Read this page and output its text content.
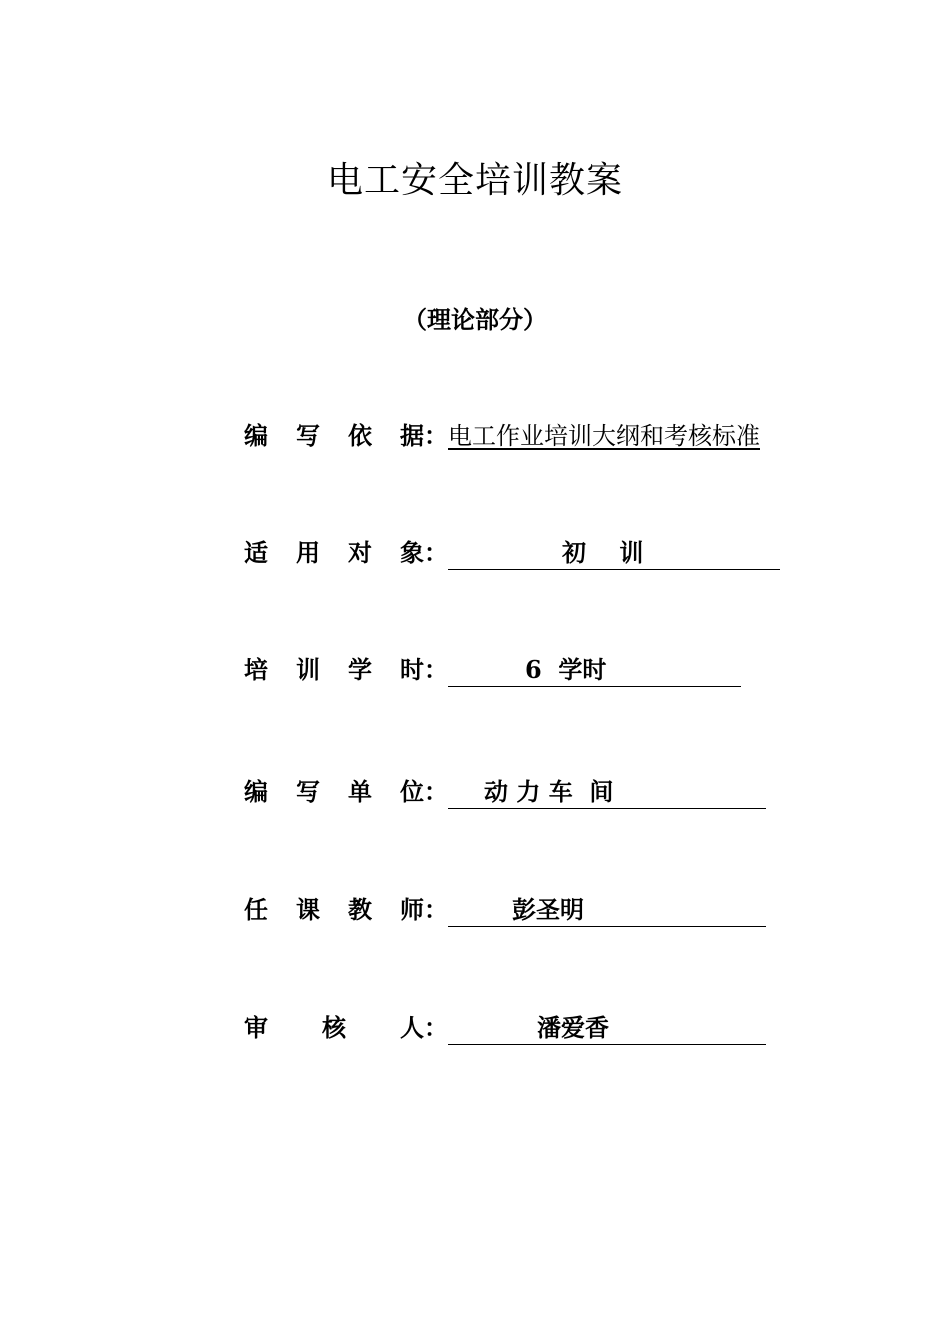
电工安全培训教案
（理论部分）
编 写 依 据 ： 电工作业培训大纲和考核标准
适 用 对 象 ：	初    训
培 训 学 时 ：	6  学时
编 写 单 位 ： 动 力 车  间
任 课 教 师 ：	彭圣明
审 核 人 ：	潘爱香
